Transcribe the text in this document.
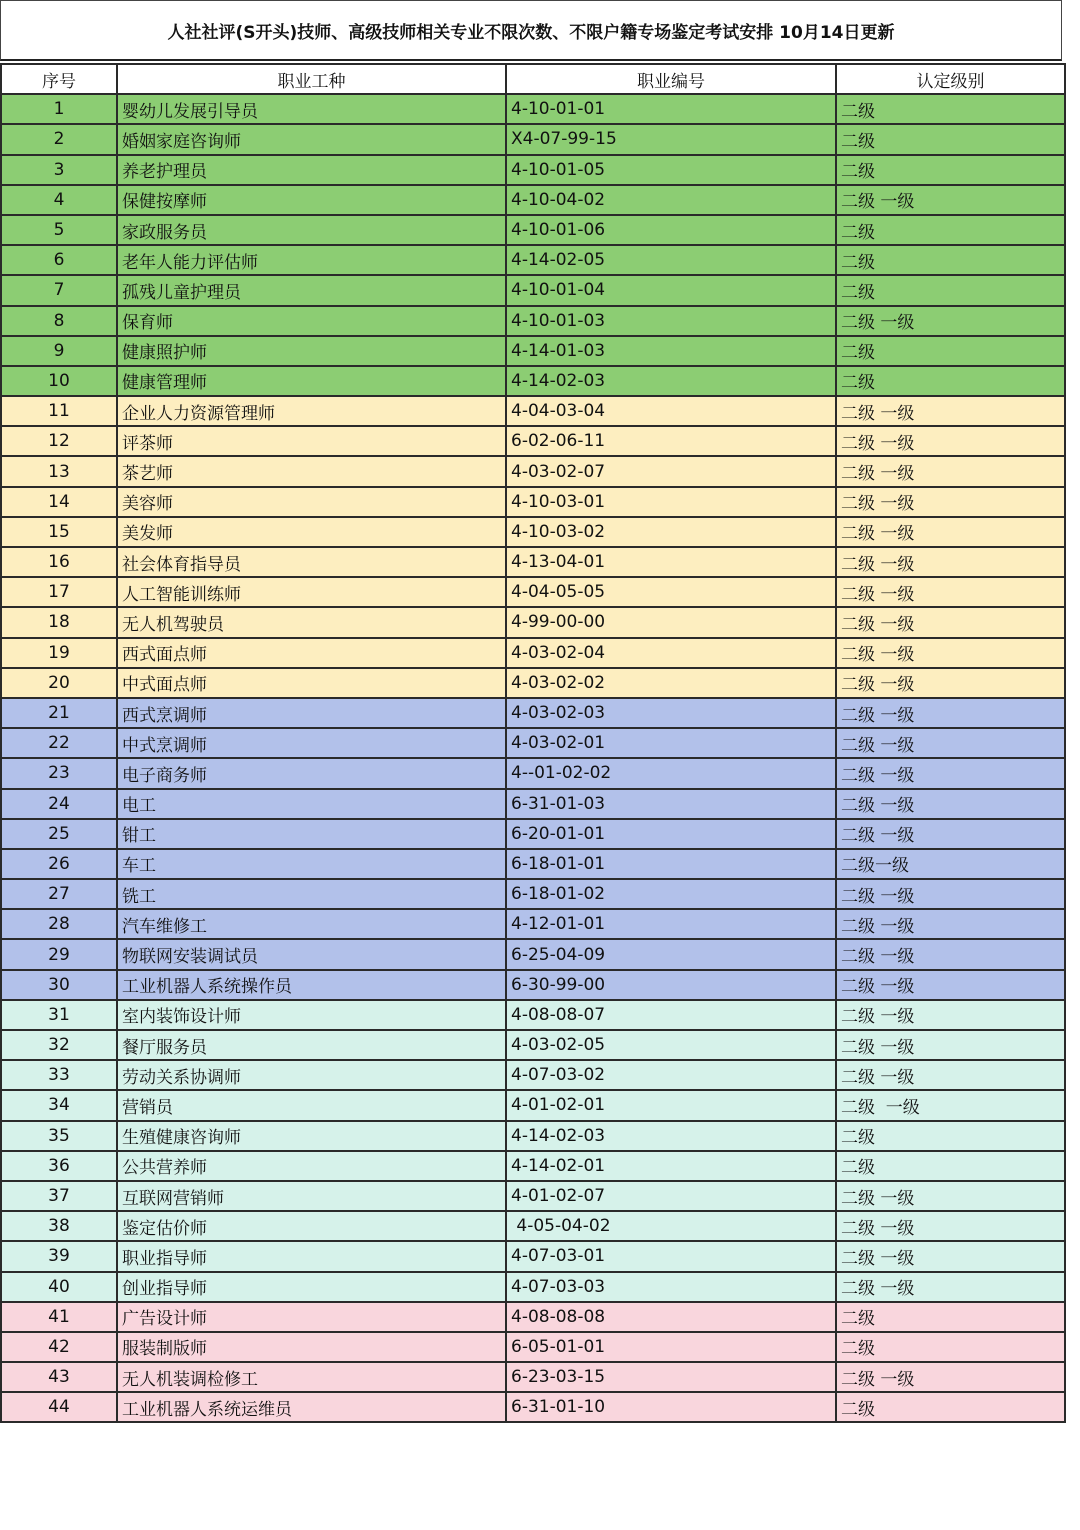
人社社评(S开头)技师、高级技师相关专业不限次数、不限户籍专场鉴定考试安排 10月14日更新
序号	职业工种	职业编号	认定级别
1	婴幼儿发展引导员	4-10-01-01	二级
2	婚姻家庭咨询师	X4-07-99-15	二级
3	养老护理员	4-10-01-05	二级
4	保健按摩师	4-10-04-02	二级 一级
5	家政服务员	4-10-01-06	二级
6	老年人能力评估师	4-14-02-05	二级
7	孤残儿童护理员	4-10-01-04	二级
8	保育师	4-10-01-03	二级 一级
9	健康照护师	4-14-01-03	二级
10	健康管理师	4-14-02-03	二级
11	企业人力资源管理师	4-04-03-04	二级 一级
12	评茶师	6-02-06-11	二级 一级
13	茶艺师	4-03-02-07	二级 一级
14	美容师	4-10-03-01	二级 一级
15	美发师	4-10-03-02	二级 一级
16	社会体育指导员	4-13-04-01	二级 一级
17	人工智能训练师	4-04-05-05	二级 一级
18	无人机驾驶员	4-99-00-00	二级 一级
19	西式面点师	4-03-02-04	二级 一级
20	中式面点师	4-03-02-02	二级 一级
21	西式烹调师	4-03-02-03	二级 一级
22	中式烹调师	4-03-02-01	二级 一级
23	电子商务师	4--01-02-02	二级 一级
24	电工	6-31-01-03	二级 一级
25	钳工	6-20-01-01	二级 一级
26	车工	6-18-01-01	二级一级
27	铣工	6-18-01-02	二级 一级
28	汽车维修工	4-12-01-01	二级 一级
29	物联网安装调试员	6-25-04-09	二级 一级
30	工业机器人系统操作员	6-30-99-00	二级 一级
31	室内装饰设计师	4-08-08-07	二级 一级
32	餐厅服务员	4-03-02-05	二级 一级
33	劳动关系协调师	4-07-03-02	二级 一级
34	营销员	4-01-02-01	二级  一级
35	生殖健康咨询师	4-14-02-03	二级
36	公共营养师	4-14-02-01	二级
37	互联网营销师	4-01-02-07	二级 一级
38	鉴定估价师	4-05-04-02	二级 一级
39	职业指导师	4-07-03-01	二级 一级
40	创业指导师	4-07-03-03	二级 一级
41	广告设计师	4-08-08-08	二级
42	服装制版师	6-05-01-01	二级
43	无人机装调检修工	6-23-03-15	二级 一级
44	工业机器人系统运维员	6-31-01-10	二级
